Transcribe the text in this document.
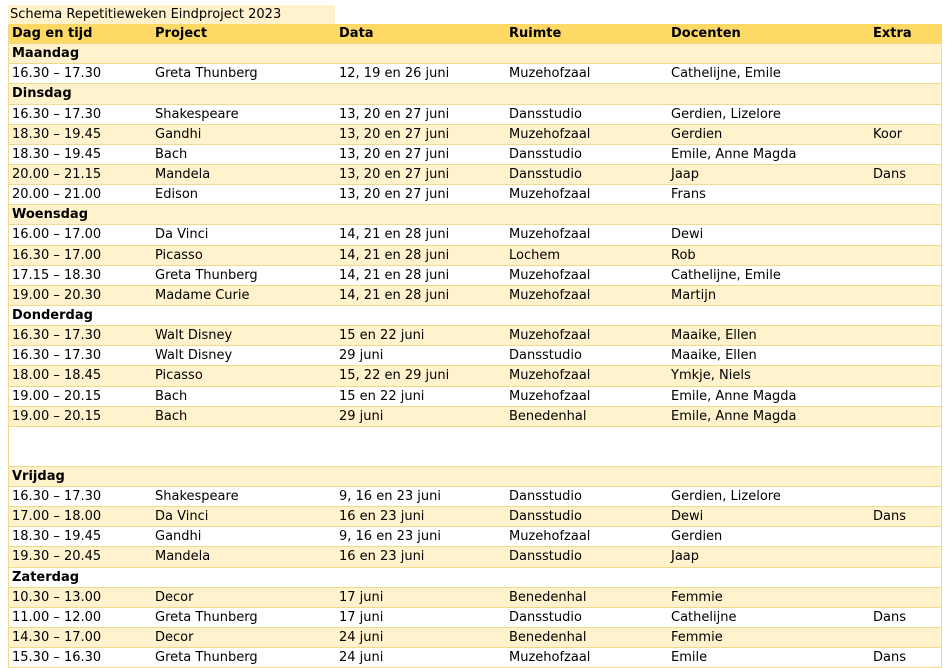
Schema Repetitieweken Eindproject 2023
Dag en tijd	Project	Data	Ruimte	Docenten	Extra
Maandag
16.30 – 17.30	Greta Thunberg	12, 19 en 26 juni	Muzehofzaal	Cathelijne, Emile
Dinsdag
16.30 – 17.30	Shakespeare	13, 20 en 27 juni	Dansstudio	Gerdien, Lizelore
18.30 – 19.45	Gandhi	13, 20 en 27 juni	Muzehofzaal	Gerdien	Koor
18.30 – 19.45	Bach	13, 20 en 27 juni	Dansstudio	Emile, Anne Magda
20.00 – 21.15	Mandela	13, 20 en 27 juni	Dansstudio	Jaap	Dans
20.00 – 21.00	Edison	13, 20 en 27 juni	Muzehofzaal	Frans
Woensdag
16.00 – 17.00	Da Vinci	14, 21 en 28 juni	Muzehofzaal	Dewi
16.30 – 17.00	Picasso	14, 21 en 28 juni	Lochem	Rob
17.15 – 18.30	Greta Thunberg	14, 21 en 28 juni	Muzehofzaal	Cathelijne, Emile
19.00 – 20.30	Madame Curie	14, 21 en 28 juni	Muzehofzaal	Martijn
Donderdag
16.30 – 17.30	Walt Disney	15 en 22 juni	Muzehofzaal	Maaike, Ellen
16.30 – 17.30	Walt Disney	29 juni	Dansstudio	Maaike, Ellen
18.00 – 18.45	Picasso	15, 22 en 29 juni	Muzehofzaal	Ymkje, Niels
19.00 – 20.15	Bach	15 en 22 juni	Muzehofzaal	Emile, Anne Magda
19.00 – 20.15	Bach	29 juni	Benedenhal	Emile, Anne Magda
Vrijdag
16.30 – 17.30	Shakespeare	9, 16 en 23 juni	Dansstudio	Gerdien, Lizelore
17.00 – 18.00	Da Vinci	16 en 23 juni	Dansstudio	Dewi	Dans
18.30 – 19.45	Gandhi	9, 16 en 23 juni	Muzehofzaal	Gerdien
19.30 – 20.45	Mandela	16 en 23 juni	Dansstudio	Jaap
Zaterdag
10.30 – 13.00	Decor	17 juni	Benedenhal	Femmie
11.00 – 12.00	Greta Thunberg	17 juni	Dansstudio	Cathelijne	Dans
14.30 – 17.00	Decor	24 juni	Benedenhal	Femmie
15.30 – 16.30	Greta Thunberg	24 juni	Muzehofzaal	Emile	Dans
